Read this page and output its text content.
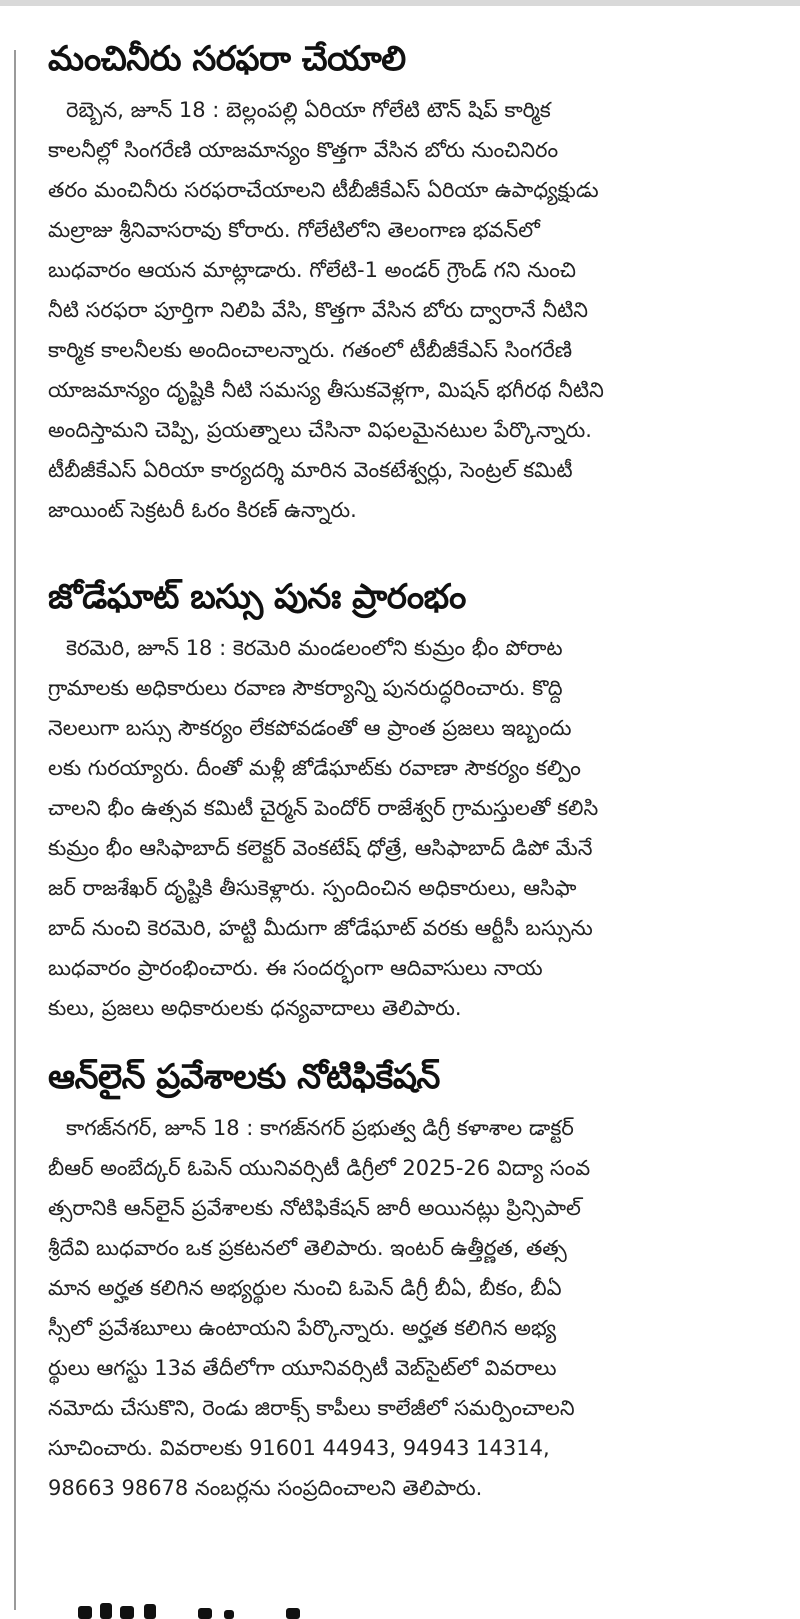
మంచినీరు సరఫరా చేయాలి
రెబ్బెన, జూన్ 18 : బెల్లంపల్లి ఏరియా గోలేటి టౌన్ షిప్ కార్మిక
కాలనీల్లో సింగరేణి యాజమాన్యం కొత్తగా వేసిన బోరు నుంచినిరం
తరం మంచినీరు సరఫరాచేయాలని టీబీజీకేఎస్ ఏరియా ఉపాధ్యక్షుడు
మల్రాజు శ్రీనివాసరావు కోరారు. గోలేటిలోని తెలంగాణ భవన్‌లో
బుధవారం ఆయన మాట్లాడారు. గోలేటి-1 అండర్ గ్రౌండ్ గని నుంచి
నీటి సరఫరా పూర్తిగా నిలిపి వేసి, కొత్తగా వేసిన బోరు ద్వారానే నీటిని
కార్మిక కాలనీలకు అందించాలన్నారు. గతంలో టీబీజీకేఎస్ సింగరేణి
యాజమాన్యం దృష్టికి నీటి సమస్య తీసుకవెళ్లగా, మిషన్ భగీరథ నీటిని
అందిస్తామని చెప్పి, ప్రయత్నాలు చేసినా విఫలమైనటుల పేర్కొన్నారు.
టీబీజీకేఎస్ ఏరియా కార్యదర్శి మారిన వెంకటేశ్వర్లు, సెంట్రల్ కమిటీ
జాయింట్ సెక్రటరీ ఓరం కిరణ్ ఉన్నారు.
జోడేఘాట్ బస్సు పునః ప్రారంభం
కెరమెరి, జూన్ 18 : కెరమెరి మండలంలోని కుమ్రం భీం పోరాట
గ్రామాలకు అధికారులు రవాణ సౌకర్యాన్ని పునరుద్ధరించారు. కొద్ది
నెలలుగా బస్సు సౌకర్యం లేకపోవడంతో ఆ ప్రాంత ప్రజలు ఇబ్బందు
లకు గురయ్యారు. దీంతో మళ్లీ జోడేఘాట్‌కు రవాణా సౌకర్యం కల్పిం
చాలని భీం ఉత్సవ కమిటీ చైర్మన్ పెందోర్ రాజేశ్వర్ గ్రామస్తులతో కలిసి
కుమ్రం భీం ఆసిఫాబాద్ కలెక్టర్ వెంకటేష్ ధోత్రే, ఆసిఫాబాద్ డిపో మేనే
జర్ రాజశేఖర్ దృష్టికి తీసుకెళ్లారు. స్పందించిన అధికారులు, ఆసిఫా
బాద్ నుంచి కెరమెరి, హట్టి మీదుగా జోడేఘాట్ వరకు ఆర్టీసీ బస్సును
బుధవారం ప్రారంభించారు. ఈ సందర్భంగా ఆదివాసులు నాయ
కులు, ప్రజలు అధికారులకు ధన్యవాదాలు తెలిపారు.
ఆన్‌లైన్ ప్రవేశాలకు నోటిఫికేషన్
కాగజ్‌నగర్, జూన్ 18 : కాగజ్‌నగర్ ప్రభుత్వ డిగ్రీ కళాశాల డాక్టర్
బీఆర్ అంబేద్కర్ ఓపెన్ యునివర్సిటీ డిగ్రీలో 2025-26 విద్యా సంవ
త్సరానికి ఆన్‌లైన్ ప్రవేశాలకు నోటిఫికేషన్ జారీ అయినట్లు ప్రిన్సిపాల్
శ్రీదేవి బుధవారం ఒక ప్రకటనలో తెలిపారు. ఇంటర్ ఉత్తీర్ణత, తత్స
మాన అర్హత కలిగిన అభ్యర్థుల నుంచి ఓపెన్ డిగ్రీ బీఏ, బీకం, బీఏ
స్సీలో ప్రవేశబూలు ఉంటాయని పేర్కొన్నారు. అర్హత కలిగిన అభ్య
ర్థులు ఆగస్టు 13వ తేదీలోగా యూనివర్సిటీ వెబ్‌సైట్‌లో వివరాలు
నమోదు చేసుకొని, రెండు జిరాక్స్ కాపీలు కాలేజీలో సమర్పించాలని
సూచించారు. వివరాలకు 91601 44943, 94943 14314,
98663 98678 నంబర్లను సంప్రదించాలని తెలిపారు.
